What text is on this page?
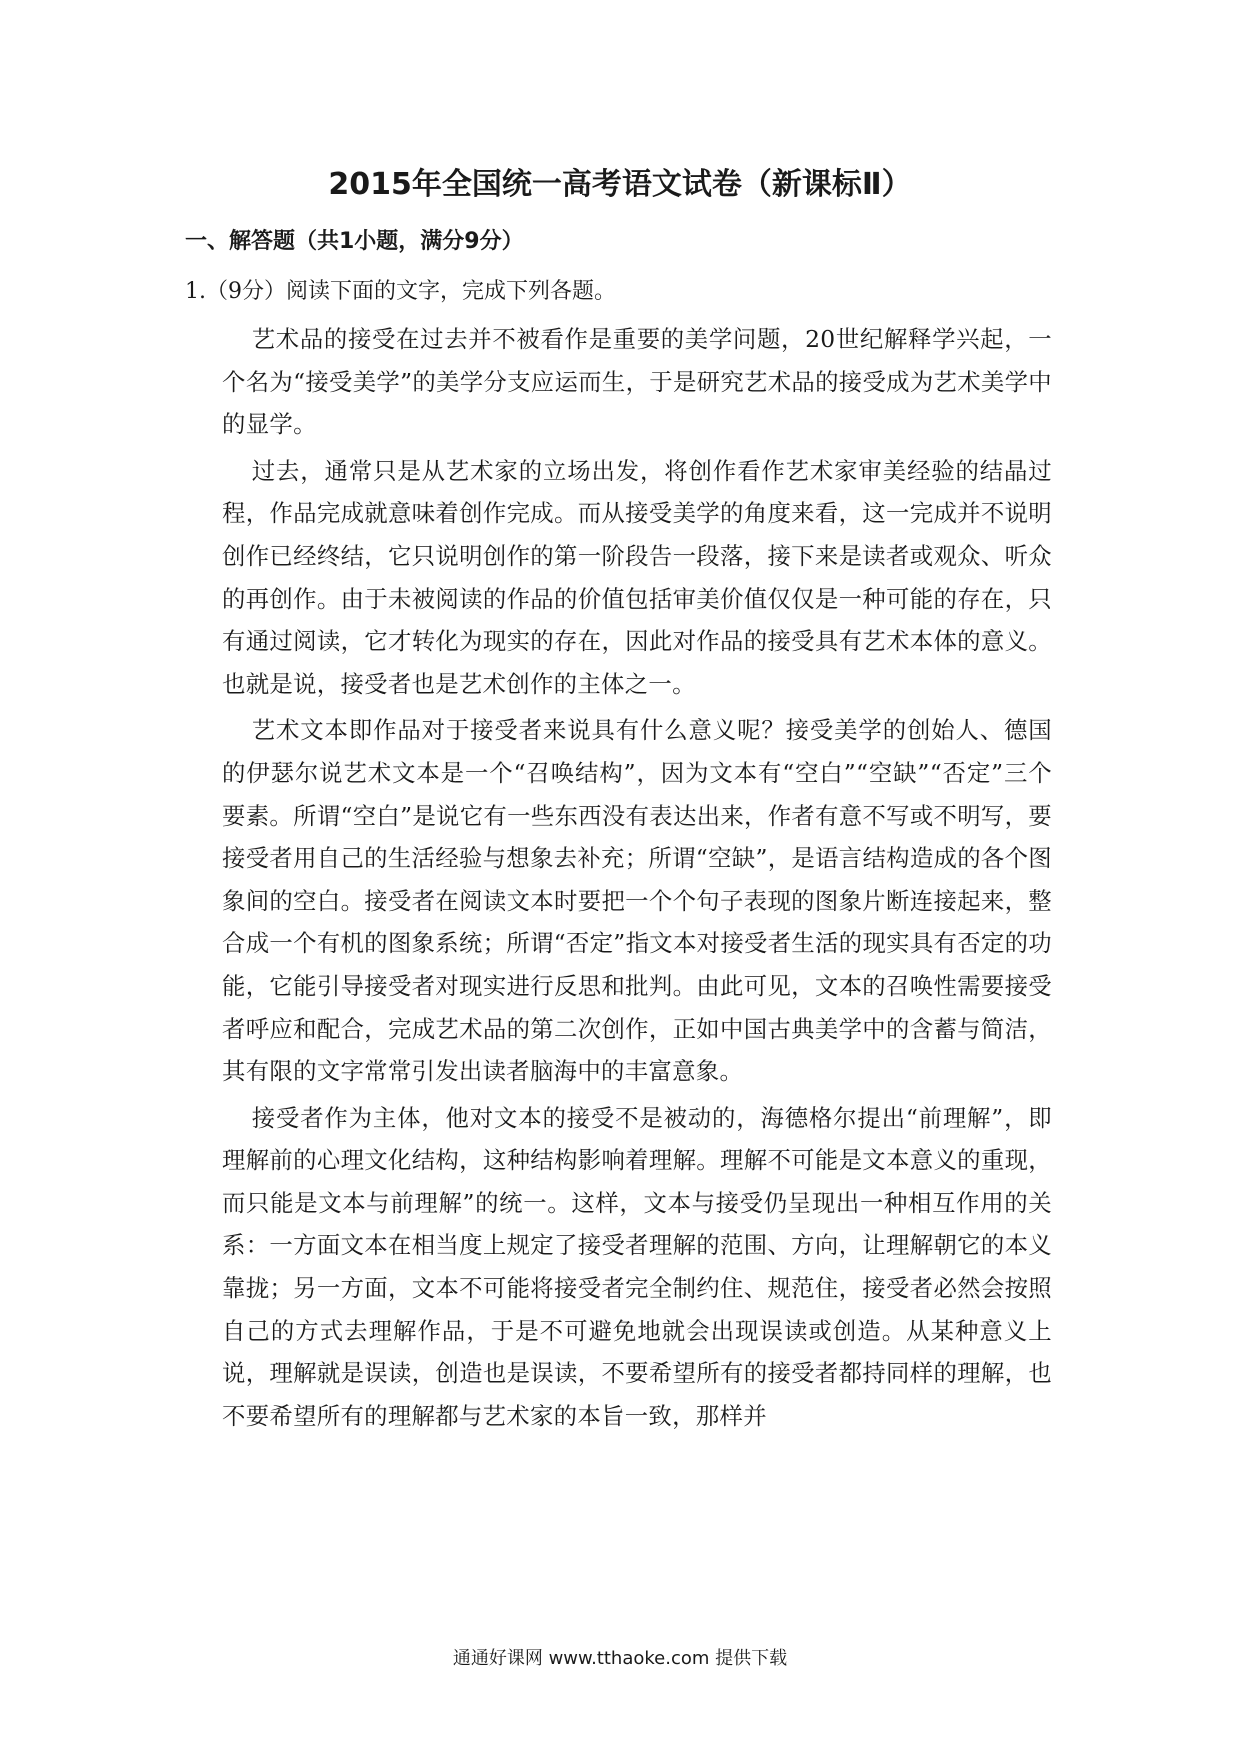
2015年全国统一高考语文试卷（新课标Ⅱ）
一、解答题（共1小题，满分9分）

1.（9分）阅读下面的文字，完成下列各题。

艺术品的接受在过去并不被看作是重要的美学问题，20世纪解释学兴起，一个名为“接受美学”的美学分支应运而生，于是研究艺术品的接受成为艺术美学中的显学。

过去，通常只是从艺术家的立场出发，将创作看作艺术家审美经验的结晶过程，作品完成就意味着创作完成。而从接受美学的角度来看，这一完成并不说明创作已经终结，它只说明创作的第一阶段告一段落，接下来是读者或观众、听众的再创作。由于未被阅读的作品的价值包括审美价值仅仅是一种可能的存在，只有通过阅读，它才转化为现实的存在，因此对作品的接受具有艺术本体的意义。也就是说，接受者也是艺术创作的主体之一。

艺术文本即作品对于接受者来说具有什么意义呢？接受美学的创始人、德国的伊瑟尔说艺术文本是一个“召唤结构”，因为文本有“空白”“空缺”“否定”三个要素。所谓“空白”是说它有一些东西没有表达出来，作者有意不写或不明写，要接受者用自己的生活经验与想象去补充；所谓“空缺”，是语言结构造成的各个图象间的空白。接受者在阅读文本时要把一个个句子表现的图象片断连接起来，整合成一个有机的图象系统；所谓“否定”指文本对接受者生活的现实具有否定的功能，它能引导接受者对现实进行反思和批判。由此可见，文本的召唤性需要接受者呼应和配合，完成艺术品的第二次创作，正如中国古典美学中的含蓄与简洁，其有限的文字常常引发出读者脑海中的丰富意象。

接受者作为主体，他对文本的接受不是被动的，海德格尔提出“前理解”，即理解前的心理文化结构，这种结构影响着理解。理解不可能是文本意义的重现，而只能是文本与前理解”的统一。这样，文本与接受仍呈现出一种相互作用的关系：一方面文本在相当度上规定了接受者理解的范围、方向，让理解朝它的本义靠拢；另一方面，文本不可能将接受者完全制约住、规范住，接受者必然会按照自己的方式去理解作品，于是不可避免地就会出现误读或创造。从某种意义上说，理解就是误读，创造也是误读，不要希望所有的接受者都持同样的理解，也不要希望所有的理解都与艺术家的本旨一致，那样并

通通好课网 www.tthaoke.com 提供下载
